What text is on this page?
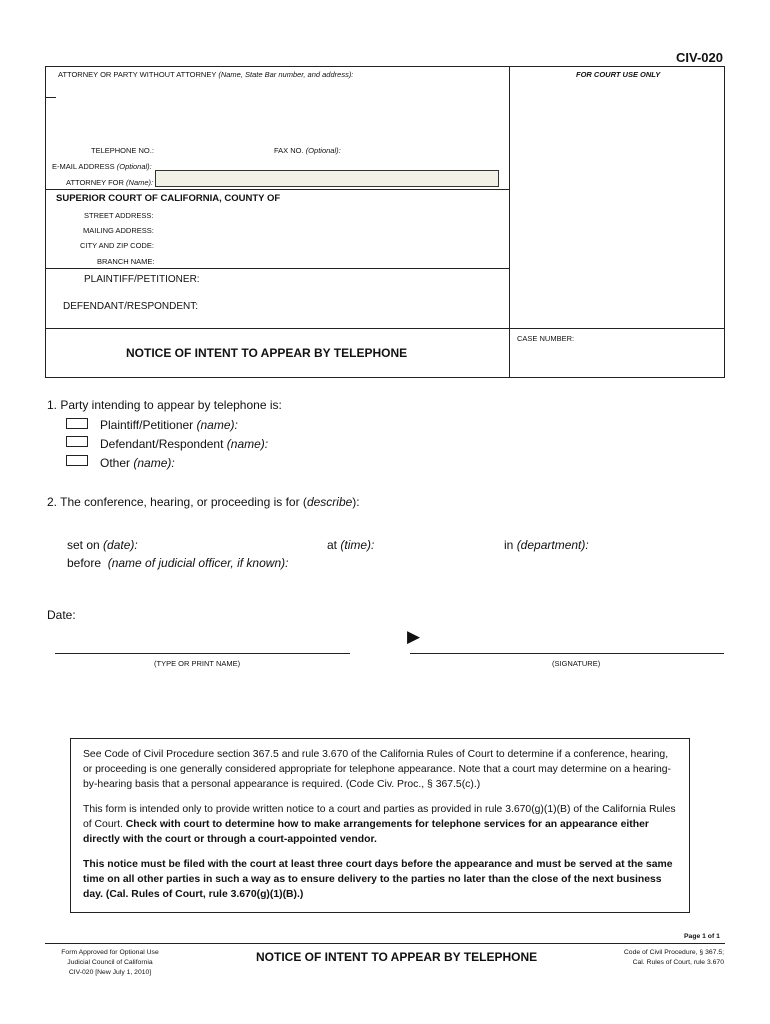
CIV-020
ATTORNEY OR PARTY WITHOUT ATTORNEY (Name, State Bar number, and address):	FOR COURT USE ONLY
TELEPHONE NO.:	FAX NO. (Optional):
E-MAIL ADDRESS (Optional):
ATTORNEY FOR (Name):
SUPERIOR COURT OF CALIFORNIA, COUNTY OF
STREET ADDRESS:
MAILING ADDRESS:
CITY AND ZIP CODE:
BRANCH NAME:
PLAINTIFF/PETITIONER:
DEFENDANT/RESPONDENT:
CASE NUMBER:
NOTICE OF INTENT TO APPEAR BY TELEPHONE
1. Party intending to appear by telephone is:
Plaintiff/Petitioner (name):
Defendant/Respondent (name):
Other (name):
2. The conference, hearing, or proceeding is for (describe):
set on (date):	at (time):	in (department):
before (name of judicial officer, if known):
Date:
▶
(TYPE OR PRINT NAME)	(SIGNATURE)

See Code of Civil Procedure section 367.5 and rule 3.670 of the California Rules of Court to determine if a conference, hearing, or proceeding is one generally considered appropriate for telephone appearance. Note that a court may determine on a hearing-by-hearing basis that a personal appearance is required. (Code Civ. Proc., § 367.5(c).)

This form is intended only to provide written notice to a court and parties as provided in rule 3.670(g)(1)(B) of the California Rules of Court. Check with court to determine how to make arrangements for telephone services for an appearance either directly with the court or through a court-appointed vendor.

This notice must be filed with the court at least three court days before the appearance and must be served at the same time on all other parties in such a way as to ensure delivery to the parties no later than the close of the next business day. (Cal. Rules of Court, rule 3.670(g)(1)(B).)

Page 1 of 1
Form Approved for Optional Use
Judicial Council of California
CIV-020 [New July 1, 2010]
NOTICE OF INTENT TO APPEAR BY TELEPHONE	Code of Civil Procedure, § 367.5;
Cal. Rules of Court, rule 3.670
